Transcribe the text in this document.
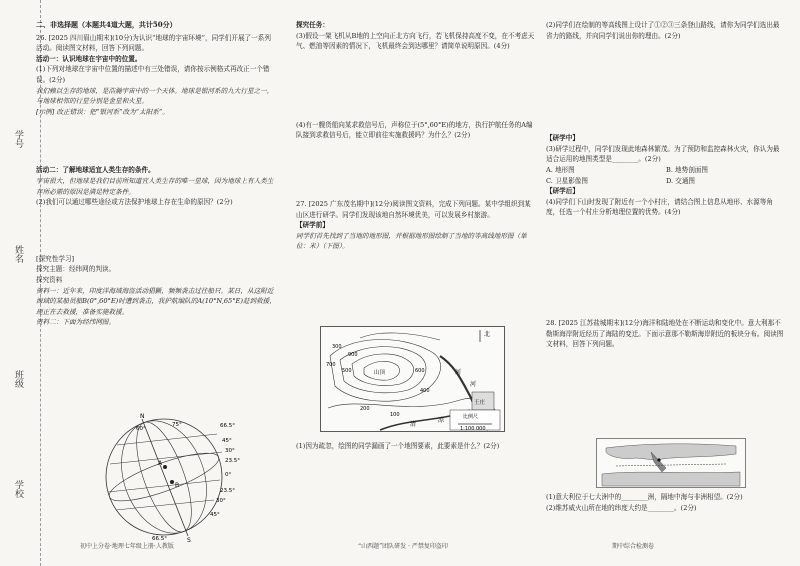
学号
姓名
班级
学校

二、非选择题（本题共4道大题，共计50分）

26. [2025 四川眉山期末](10分)为认识“地球的宇宙环境”，同学们开展了一系列活动。阅读图文材料，回答下列问题。

活动一：认识地球在宇宙中的位置。

(1)下列对地球在宇宙中位置的描述中有三处错误，请你按示例格式再改正一个错误。(2分)

我们赖以生存的地球，是浩瀚宇宙中的一个天体。地球是银河系的九大行星之一，与地球相邻的行星分别是金星和火星。

[示例] 改正错误：把“银河系”改为“太阳系”。

活动二：了解地球适宜人类生存的条件。

宇宙很大，但地球是我们目前所知道宜人类生存的唯一星球，因为地球上有人类生存所必需的原因是满足特定条件。

(2)我们可以通过哪些途径或方法保护地球上存在生命的原因？(2分)

[探究性学习]

探究主题：经纬网的判读。

探究资料

资料一：近年来，印度洋海域海盗活动猖獗，频频袭击过往船只。某日，从这附近海域的某船员船B(0°,60°E)时遭到袭击，我护航编队的A(10°N,65°E)赶到救援，现正在去救援，准备实施救援。

资料二：下面为经纬网图。

N
S
66.5°
45°
30°
23.5°
0°
23.5°
30°
45°
66.5°
60°
75°
A
B

探究任务：

(3)假设一架飞机从B地的上空向正北方向飞行，若飞机保持高度不变，在不考虑天气、燃油等因素的情况下，飞机最终会到达哪里？请简单说明原因。(4分)

(4)有一艘货船向某求救信号后，声称位于(5°,60°E)的地方，执行护航任务的A编队接到求救信号后，能立即前往实施救援吗？为什么？(2分)

27. [2025 广东茂名期中](12分)阅读图文资料，完成下列问题。某中学组织到某山区进行研学。同学们发现该地自然环境优美，可以发展乡村旅游。

【研学前】

同学们首先找到了当地的地形图，并根据地形图绘制了当地的等高线地形图（单位：米）（下图）。

北
河
清
凉
河
王庄
山顶
比例尺
1:100 000
300
900
700
500	600
400
200
100

(1)因为疏忽，绘图的同学漏画了一个地图要素，此要素是什么？(2分)

(2)同学们在绘制的等高线图上设计了①②③三条登山路线，请你为同学们选出最省力的路线，并向同学们说出你的理由。(2分)

【研学中】

(3)研学过程中，同学们发现此地森林繁茂。为了预防和监控森林火灾，你认为最适合运用的地图类型是________。(2分)

A. 地形图	B. 地势剖面图
C. 卫星影像图	D. 交通图

【研学后】

(4)同学们下山时发现了附近有一个小村庄，请结合图上信息从地形、水源等角度，任选一个村庄分析地理位置的优势。(4分)

28. [2025 江苏盐城期末](12分)海洋和陆地处在不断运动和变化中。意大利那不勒斯海岸附近经历了海陆的变迁。下面示意那不勒斯海岸附近的板块分布。阅读图文材料，回答下列问题。

(1)意大利位于七大洲中的________洲，隔地中海与非洲相望。(2分)

(2)维苏威火山所在地的纬度大约是________。(2分)

初中上分卷·地理七年级上册·人教版	“山西题”团队研发 · 严禁复印盗印	期中综合检测卷
